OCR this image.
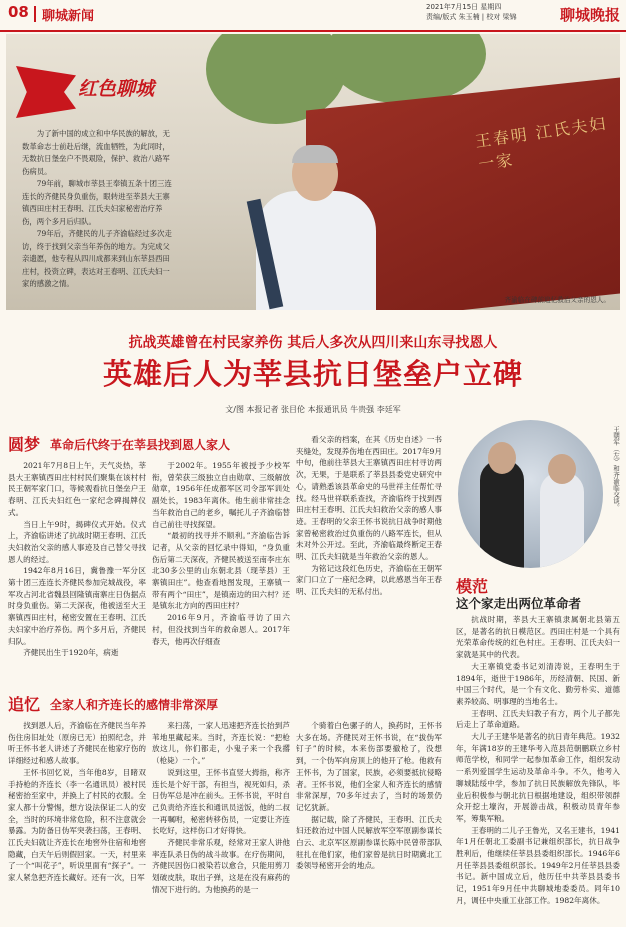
08 聊城新闻
2021年7月15日 星期四
责编/版式 朱玉楠 | 校对 梁锦	聊城晚报
王春明 江氏夫妇一家
齐渝临在碑前追忆救治父亲的恩人。
红色聊城

为了新中国的成立和中华民族的解放，无数革命志士前赴后继，流血牺牲，为此同时，无数抗日堡垒户不畏艰险，保护、救治八路军伤病员。

79年前，聊城市莘县王奉镇五条十团三连连长的齐健民身负重伤，眼转进至莘县大王寨镇西田庄村王春明、江氏夫妇家秘密治疗养伤，两个多月后归队。

79年后，齐健民的儿子齐渝临经过多次走访，终于找到父亲当年养伤的地方。为完成父亲遗愿，他专程从四川成都来到山东莘县西田庄村，投资立碑，表达对王春明、江氏夫妇一家的感激之情。

抗战英雄曾在村民家养伤 其后人多次从四川来山东寻找恩人
英雄后人为莘县抗日堡垒户立碑
文/图 本报记者 张目伦 本报通讯员 牛贵强 李廷军
圆梦 革命后代终于在莘县找到恩人家人

2021年7月8日上午，天气炎热，莘县大王寨镇西田庄村村民们聚集在该村村民王朝军家门口，等候观看抗日堡垒户王春明、江氏夫妇红色一家纪念碑揭牌仪式。

当日上午9时，揭碑仪式开始。仪式上，齐渝临讲述了抗战时期王春明、江氏夫妇救治父亲的感人事迹及自己替父寻找恩人的经过。

1942年8月16日，冀鲁豫一军分区第十团三连连长齐健民参加完城战役，率军攻占河北省魏县回隆镇南寨庄日伪据点时身负重伤。第二天深夜，他被送至大王寨镇西田庄村，秘密安置在王春明、江氏夫妇家中治疗养伤。两个多月后，齐健民归队。

齐健民出生于1920年，病逝

于2002年。1955年被授予少校军衔，曾荣获三级独立自由勋章、三级解放勋章，1956年任成都军区司令部军训处副处长，1983年离休。他生前非常挂念当年救治自己的老乡，嘱托儿子齐渝临替自己前往寻找探望。

“最初的找寻并不顺利。”齐渝临告诉记者，从父亲的回忆录中得知，“身负重伤后第二天深夜，齐健民被送至南李庄东北30多公里的山东朝北县（现莘县）王寨镇田庄”。他查看地图发现，王寨镇一带有两个“田庄”，是镇南边的田六村？还是镇东北方向的西田庄村？

2016年9月，齐渝临寻访了田六村，但没找到当年的救命恩人。2017年春天，他再次仔细查

看父亲的档案，在其《历史自述》一书夹缝处，发现养伤地在西田庄。2017年9月中旬，他前往莘县大王寨镇西田庄村寻访两次，无果，于是联系了莘县县委党史研究中心，请熟悉该县革命史的马世祥主任帮忙寻找。经马世祥联系查找，齐渝临终于找到西田庄村王春明、江氏夫妇救治父亲的感人事迹。王春明的父亲王怀书说抗日战争时期他家曾秘密救治过负重伤的八路军连长，但从未对外公开过。至此，齐渝临最终断定王春明、江氏夫妇就是当年救治父亲的恩人。

为铭记这段红色历史，齐渝临在王朝军家门口立了一座纪念碑，以此感恩当年王春明、江氏夫妇的无私付出。

追忆 全家人和齐连长的感情非常深厚

找到恩人后，齐渝临在齐健民当年养伤住房旧址处（原房已无）拍照纪念，并听王怀书老人讲述了齐健民在他家疗伤的详细经过和感人故事。

王怀书回忆说，当年他8岁，目睹双手持枪的齐连长（李一名通讯员）被村民秘密抬至家中，并换上了村民的衣服。全家人都十分警惕，想方设法保证二人的安全，当时的环境非常危险，积不注意就会暴露。为防备日伪军突袭扫荡，王春明、江氏夫妇就让齐连长在地窖外住宿和地窖隐藏，白天午后则假回家。一天，村里来了一个“叫花子”，听说里面有“探子”。一家人紧急把齐连长藏好。还有一次，日军

来扫荡，一家人迅速把齐连长抬到芦苇地里藏起来。当时，齐连长说：“把枪放这儿，你们都走，小鬼子来一个我撂（枪毙）一个。”

说到这里，王怀书直竖大拇指，称齐连长是个好干部，有担当，视死如归，杀日伪军总是冲在前头。王怀书说，平时自己负责给齐连长和通讯员送饭，他的二叔一再嘱咐，秘密转移伤员，一定要让齐连长吃好，这样伤口才好得快。

齐健民非常乐观，经常对王家人讲他率连队杀日伪的战斗故事。在疗伤期间，齐健民因伤口被染若以愈合，只能用剪刀划破皮肤，取出子弹，这是在没有麻药的情况下进行的。为他换药的是一

个骑着白色骡子的人，换药时，王怀书大多在场。齐健民对王怀书说，在“拔伪军钉子”的时候，本来伤部要撤枪了，没想到，一个伪军向房顶上的他开了枪。他救有王怀书，为了国家，民族，必须要抵抗侵略者。王怀书说，他们全家人和齐连长的感情非常深厚，70多年过去了，当时的场景仍记忆犹新。

据记载，除了齐健民，王春明、江氏夫妇还救治过中国人民解放军空军原副参谋长白云、北京军区原副参谋长陈中民曾带部队驻扎在他们家，他们家曾是抗日时期冀北工委领导秘密开会的地点。

王朝军（左）和齐渝临交谈。
模范
这个家走出两位革命者

抗战时期，莘县大王寨镇隶属朝北县第五区，是著名的抗日模范区。西田庄村是一个具有光荣革命传统的红色村庄。王春明、江氏夫妇一家就是其中的代表。

大王寨镇党委书记刘清涛说，王春明生于1894年，逝世于1986年，历经清朝、民国、新中国三个时代，是一个有文化、勤劳朴实、道德素养较高、明事理的当地名士。

王春明、江氏夫妇教子有方，两个儿子都先后走上了革命道路。

大儿子王建华是著名的抗日青年典范。1932年，年满18岁的王建华考入范县范朝鹏联立乡村师范学校，和同学一起参加革命工作，组织发动一系列爱国学生运动及革命斗争。不久，他考入聊城陆绥中学，参加了抗日民族解放先锋队，毕业后积极参与朝北抗日根据地建设，组织带领群众开挖土壕沟，开展游击战，积极动员青年参军，筹集军粮。

王春明的二儿子王鲁光，又名王建书，1941年1月任朝北工委副书记兼组织部长，抗日战争胜利后，他继续任莘县县委组织部长。1946年6月任莘县县委组织部长。1949年2月任莘县县委书记。新中国成立后，他历任中共莘县县委书记，1951年9月任中共聊城地委委员。同年10月，调任中央重工业部工作。1982年离休。
